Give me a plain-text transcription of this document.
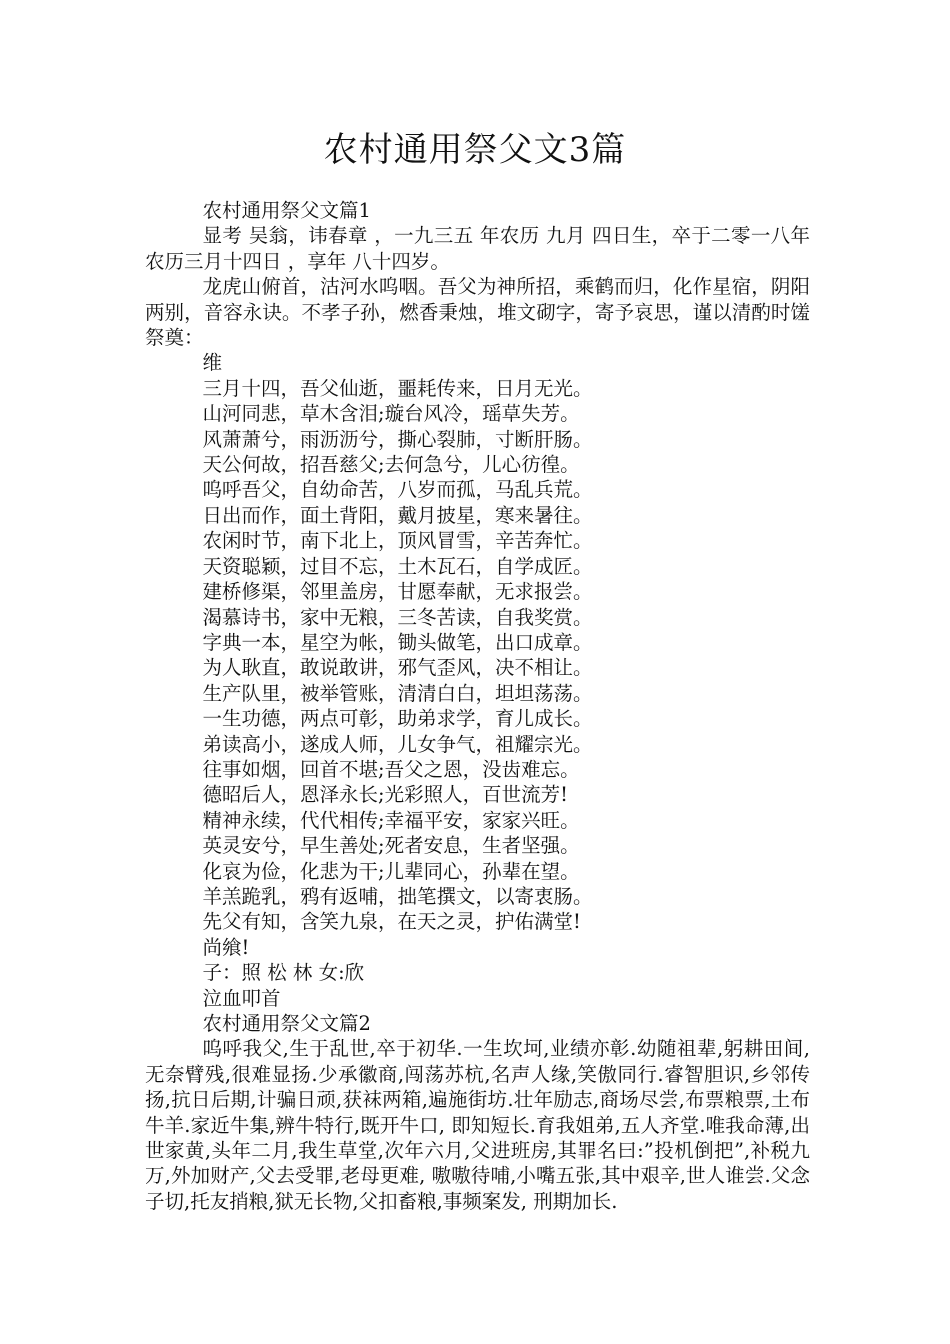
农村通用祭父文3篇

农村通用祭父文篇1

显考 吴翁，讳春章 ，一九三五 年农历 九月 四日生，卒于二零一八年农历三月十四日 ，享年 八十四岁。

龙虎山俯首，沽河水呜咽。吾父为神所招，乘鹤而归，化作星宿，阴阳两别，音容永诀。不孝子孙，燃香秉烛，堆文砌字，寄予哀思，谨以清酌时馐祭奠：

维

三月十四，吾父仙逝，噩耗传来，日月无光。

山河同悲，草木含泪;璇台风冷，瑶草失芳。

风萧萧兮，雨沥沥兮，撕心裂肺，寸断肝肠。

天公何故，招吾慈父;去何急兮，儿心彷徨。

呜呼吾父，自幼命苦，八岁而孤，马乱兵荒。

日出而作，面土背阳，戴月披星，寒来暑往。

农闲时节，南下北上，顶风冒雪，辛苦奔忙。

天资聪颖，过目不忘，土木瓦石，自学成匠。

建桥修渠，邻里盖房，甘愿奉献，无求报尝。

渴慕诗书，家中无粮，三冬苦读，自我奖赏。

字典一本，星空为帐，锄头做笔，出口成章。

为人耿直，敢说敢讲，邪气歪风，决不相让。

生产队里，被举管账，清清白白，坦坦荡荡。

一生功德，两点可彰，助弟求学，育儿成长。

弟读高小，遂成人师，儿女争气，祖耀宗光。

往事如烟，回首不堪;吾父之恩，没齿难忘。

德昭后人，恩泽永长;光彩照人，百世流芳!

精神永续，代代相传;幸福平安，家家兴旺。

英灵安兮，早生善处;死者安息，生者坚强。

化哀为俭，化悲为干;儿辈同心，孙辈在望。

羊羔跪乳，鸦有返哺，拙笔撰文，以寄衷肠。

先父有知，含笑九泉，在天之灵，护佑满堂!

尚飨!

子：照 松 林 女:欣

泣血叩首

农村通用祭父文篇2

呜呼我父,生于乱世,卒于初华.一生坎坷,业绩亦彰.幼随祖辈,躬耕田间,无奈臂残,很难显扬.少承徽商,闯荡苏杭,名声人缘,笑傲同行.睿智胆识,乡邻传扬,抗日后期,计骗日顽,获袜两箱,遍施街坊.壮年励志,商场尽尝,布票粮票,土布牛羊.家近牛集,辨牛特行,既开牛口, 即知短长.育我姐弟,五人齐堂.唯我命薄,出世家黄,头年二月,我生草堂,次年六月,父进班房,其罪名曰:”投机倒把”,补税九万,外加财产,父去受罪,老母更难, 嗷嗷待哺,小嘴五张,其中艰辛,世人谁尝.父念子切,托友捎粮,狱无长物,父扣畜粮,事频案发, 刑期加长.
